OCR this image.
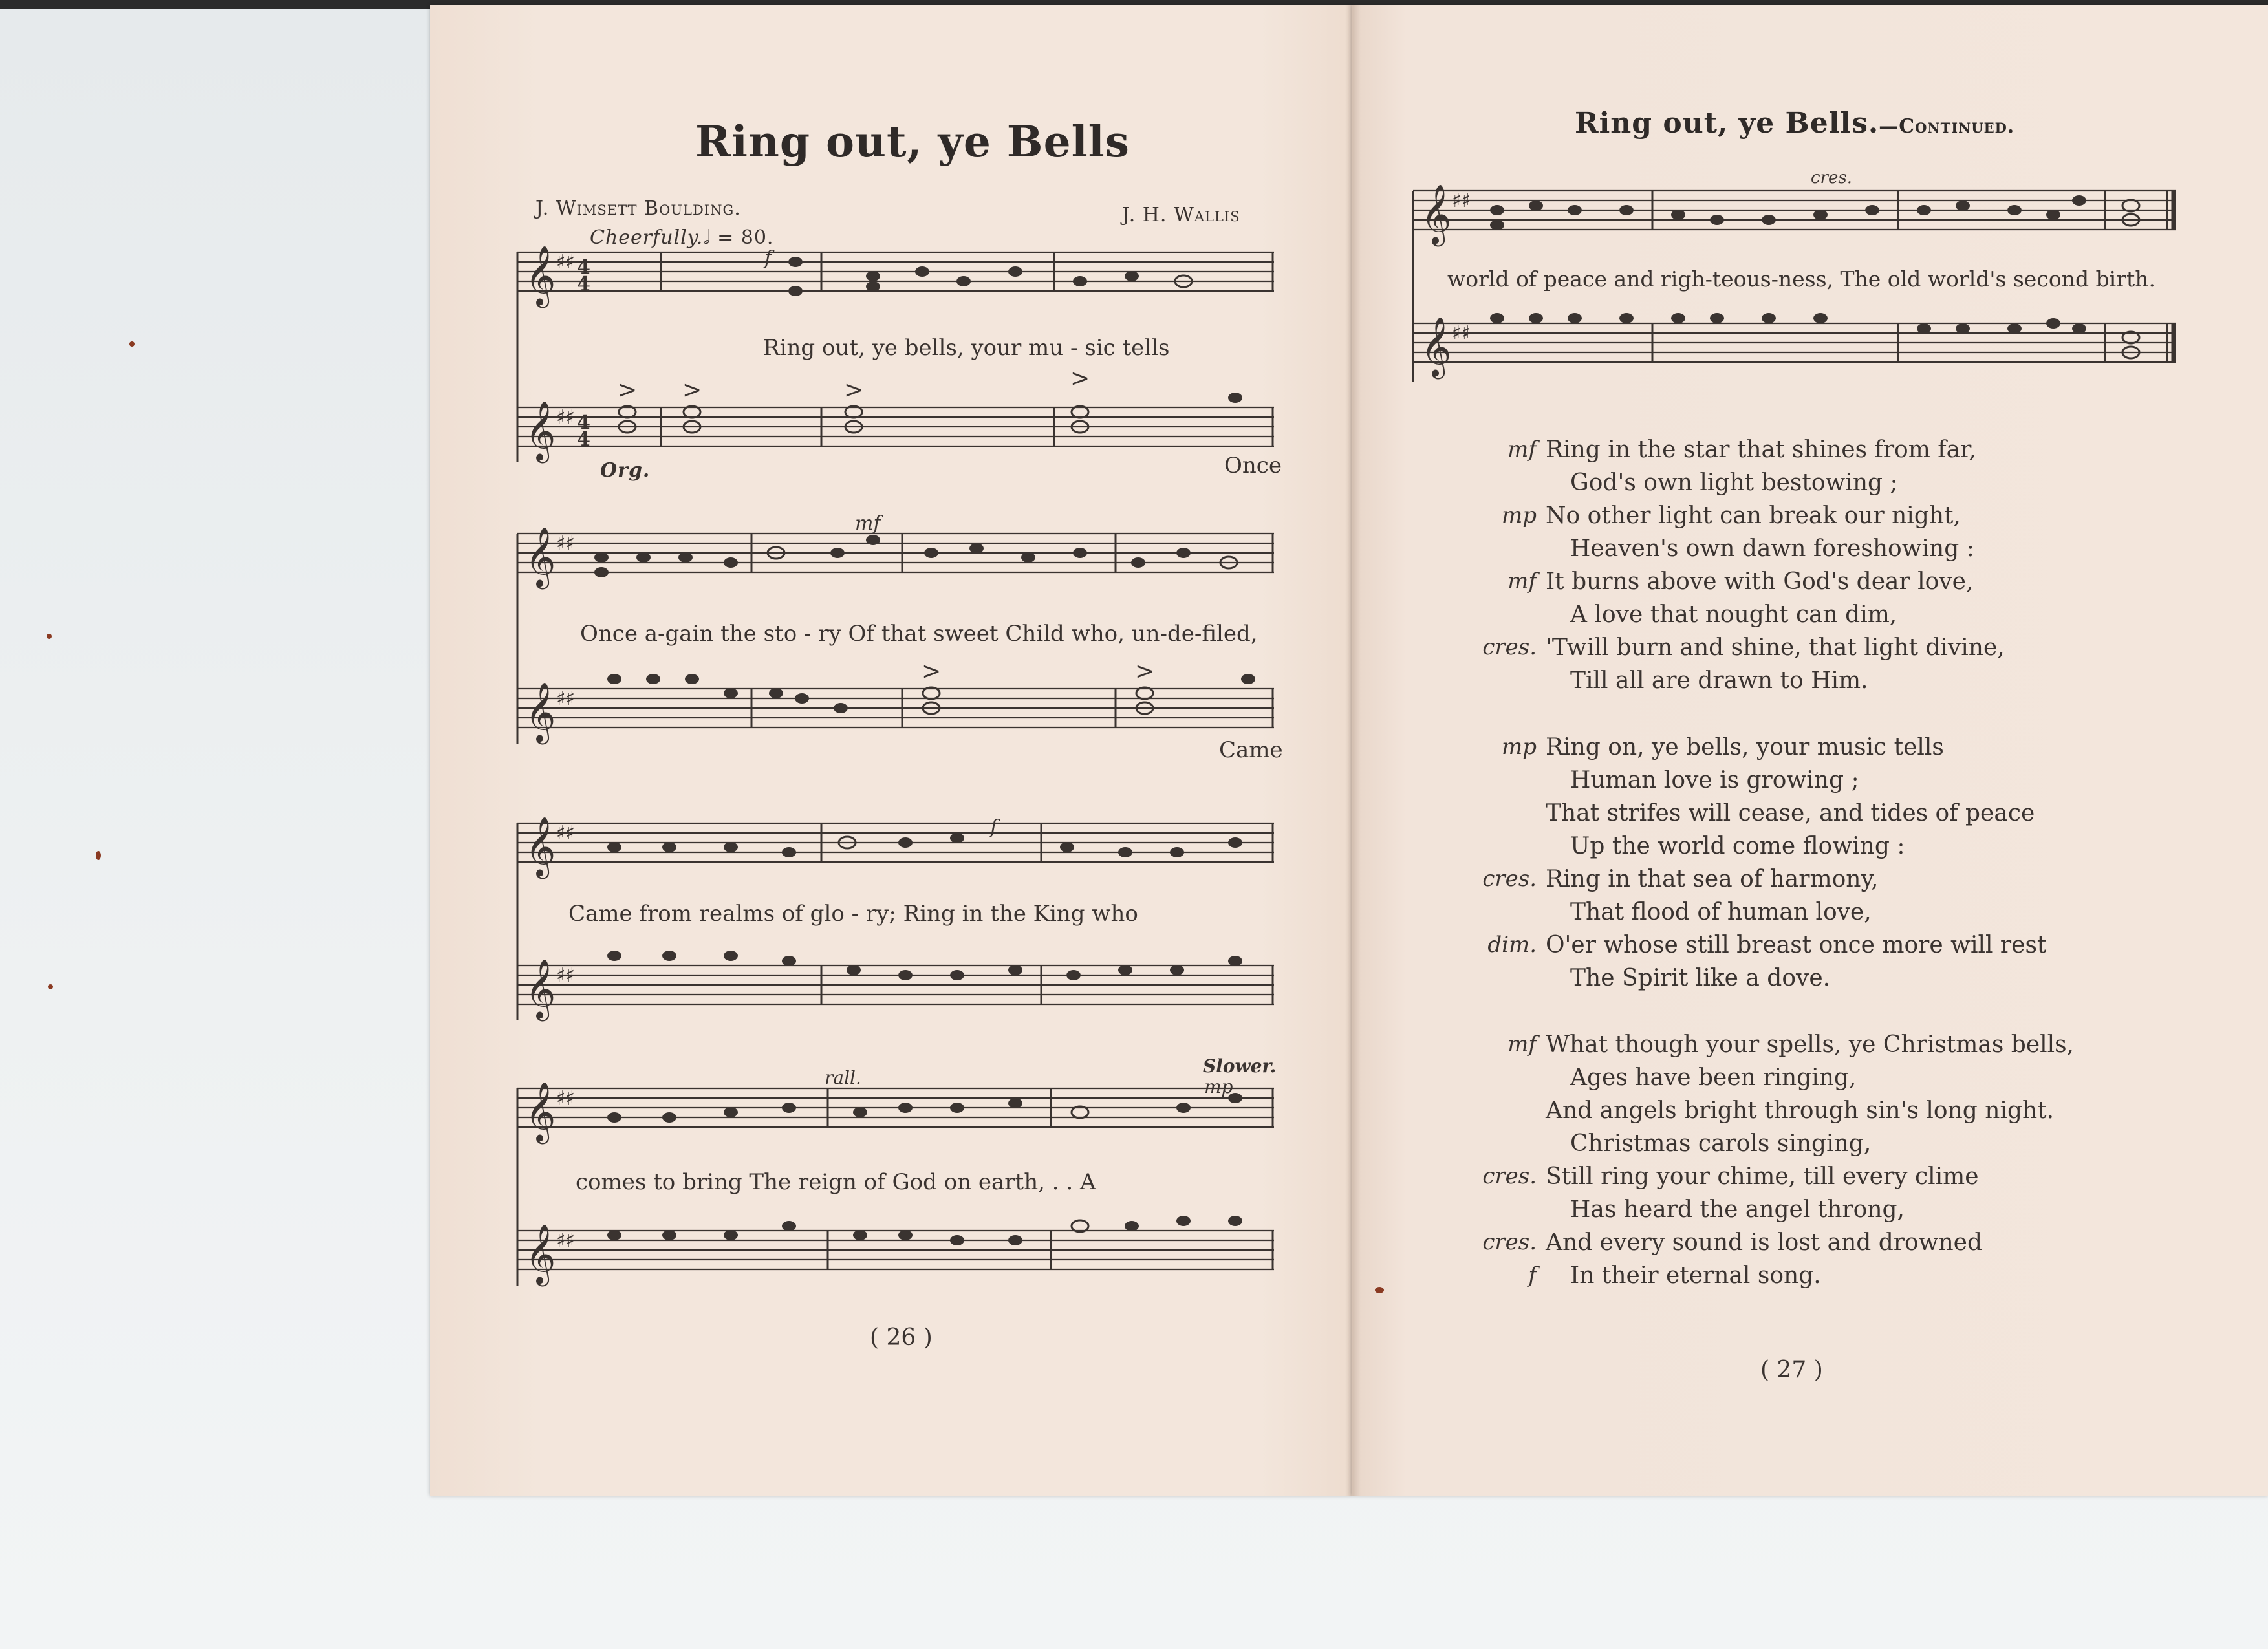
Ring out, ye Bells
J. Wimsett Boulding.	J. H. Wallis
Cheerfully. 𝅗𝅥 = 80.
𝄞 ♯♯ 4
4
𝄞 ♯♯ 4
4
> >	>	>
f
Ring out, ye bells, your mu - sic tells
Org.	Once
𝄞 ♯♯
𝄞 ♯♯
>	>
mf
Once a-gain the sto - ry Of that sweet Child who, un-de-filed,
Came
𝄞 ♯♯
𝄞 ♯♯
f
Came from realms of glo - ry; Ring in the King who
𝄞 ♯♯
𝄞 ♯♯
rall.
Slower.
mp
comes to bring The reign of God on earth, . . A
( 26 )
Ring out, ye Bells.—Continued.
cres.
𝄞 ♯♯
𝄞 ♯♯
world of peace and righ-teous-ness, The old world's second birth.
mf Ring in the star that shines from far,
God's own light bestowing ;
mp No other light can break our night,
Heaven's own dawn foreshowing :
mf It burns above with God's dear love,
A love that nought can dim,
cres. 'Twill burn and shine, that light divine,
Till all are drawn to Him.
mp Ring on, ye bells, your music tells
Human love is growing ;
That strifes will cease, and tides of peace
Up the world come flowing :
cres. Ring in that sea of harmony,
That flood of human love,
dim. O'er whose still breast once more will rest
The Spirit like a dove.
mf What though your spells, ye Christmas bells,
Ages have been ringing,
And angels bright through sin's long night.
Christmas carols singing,
cres. Still ring your chime, till every clime
Has heard the angel throng,
cres. And every sound is lost and drowned
f	In their eternal song.
( 27 )
